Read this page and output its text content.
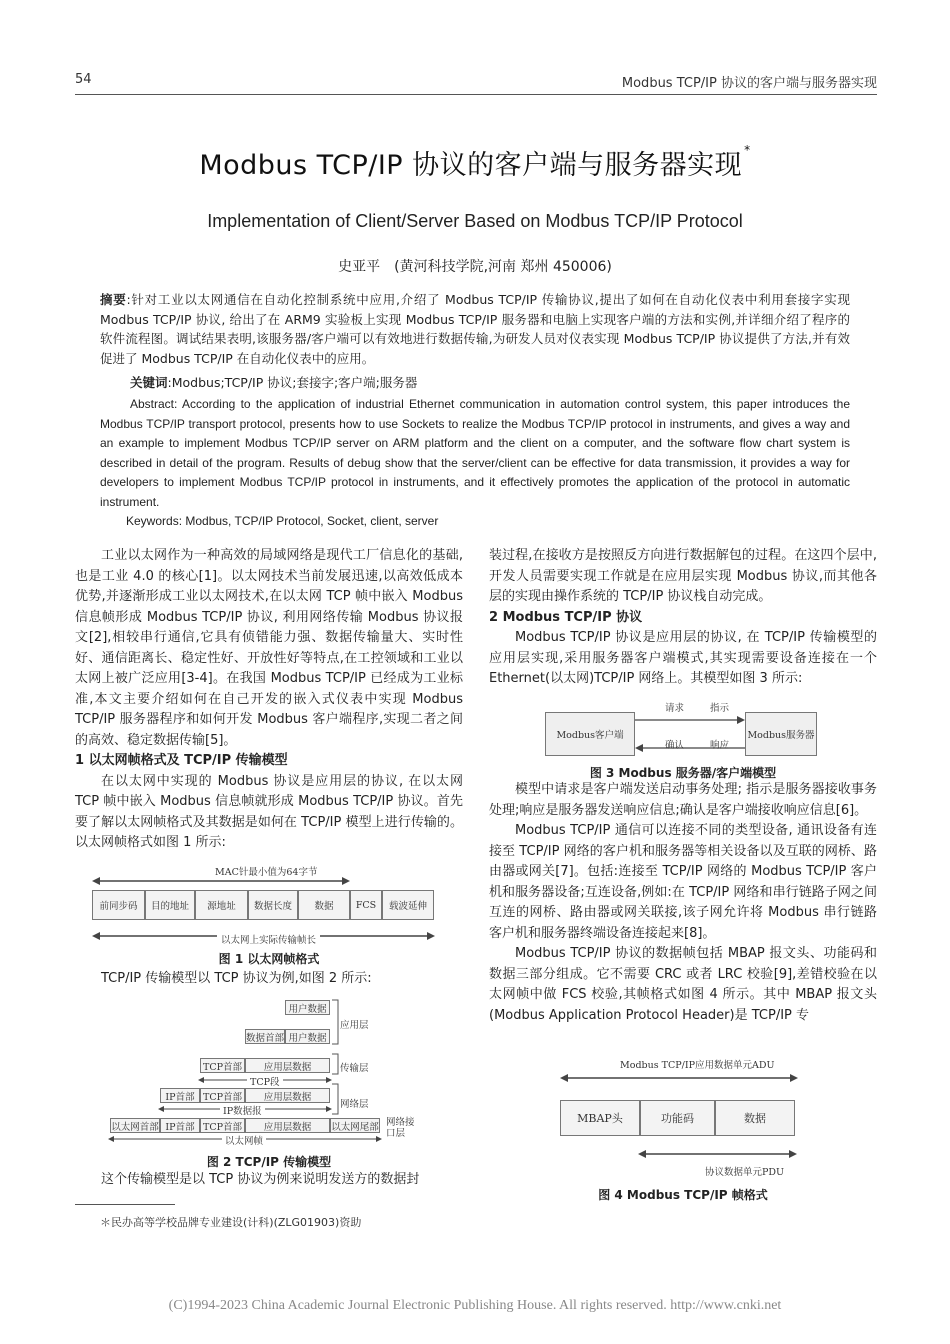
54	Modbus TCP/IP 协议的客户端与服务器实现
Modbus TCP/IP 协议的客户端与服务器实现 *
Implementation of Client/Server Based on Modbus TCP/IP Protocol
史亚平 (黄河科技学院,河南 郑州 450006)
摘要:针对工业以太网通信在自动化控制系统中应用,介绍了 Modbus TCP/IP 传输协议,提出了如何在自动化仪表中利用套接字实现 Modbus TCP/IP 协议, 给出了在 ARM9 实验板上实现 Modbus TCP/IP 服务器和电脑上实现客户端的方法和实例,并详细介绍了程序的软件流程图。调试结果表明,该服务器/客户端可以有效地进行数据传输,为研发人员对仪表实现 Modbus TCP/IP 协议提供了方法,并有效促进了 Modbus TCP/IP 在自动化仪表中的应用。
关键词:Modbus;TCP/IP 协议;套接字;客户端;服务器
Abstract: According to the application of industrial Ethernet communication in automation control system, this paper introduces the Modbus TCP/IP transport protocol, presents how to use Sockets to realize the Modbus TCP/IP protocol in instruments, and gives a way and an example to implement Modbus TCP/IP server on ARM platform and the client on a computer, and the software flow chart system is described in detail of the program. Results of debug show that the server/client can be effective for data transmission, it provides a way for developers to implement Modbus TCP/IP protocol in instruments, and it effectively promotes the application of the protocol in automatic instrument.
Keywords: Modbus, TCP/IP Protocol, Socket, client, server

工业以太网作为一种高效的局域网络是现代工厂信息化的基础,也是工业 4.0 的核心[1]。以太网技术当前发展迅速,以高效低成本优势,并逐渐形成工业以太网技术,在以太网 TCP 帧中嵌入 Modbus 信息帧形成 Modbus TCP/IP 协议, 利用网络传输 Modbus 协议报文[2],相较串行通信,它具有侦错能力强、数据传输量大、实时性好、通信距离长、稳定性好、开放性好等特点,在工控领域和工业以太网上被广泛应用[3-4]。在我国 Modbus TCP/IP 已经成为工业标准,本文主要介绍如何在自己开发的嵌入式仪表中实现 Modbus TCP/IP 服务器程序和如何开发 Modbus 客户端程序,实现二者之间的高效、稳定数据传输[5]。

1 以太网帧格式及 TCP/IP 传输模型

在以太网中实现的 Modbus 协议是应用层的协议, 在以太网 TCP 帧中嵌入 Modbus 信息帧就形成 Modbus TCP/IP 协议。首先要了解以太网帧格式及其数据是如何在 TCP/IP 模型上进行传输的。以太网帧格式如图 1 所示:

MAC针最小值为64字节
前同步码	目的地址	源地址	数据长度	数据	FCS	载波延伸
以太网上实际传输帧长
图 1 以太网帧格式

TCP/IP 传输模型以 TCP 协议为例,如图 2 所示:

用户数据
数据首部 用户数据
应用层
TCP首部	应用层数据	传输层
TCP段
IP首部 TCP首部	应用层数据
网络层
IP数据报
以太网首部 IP首部 TCP首部	应用层数据	以太网尾部 网络接口层
以太网帧
图 2 TCP/IP 传输模型

这个传输模型是以 TCP 协议为例来说明发送方的数据封

装过程,在接收方是按照反方向进行数据解包的过程。在这四个层中,开发人员需要实现工作就是在应用层实现 Modbus 协议,而其他各层的实现由操作系统的 TCP/IP 协议栈自动完成。

2 Modbus TCP/IP 协议

Modbus TCP/IP 协议是应用层的协议, 在 TCP/IP 传输模型的应用层实现,采用服务器客户端模式,其实现需要设备连接在一个 Ethernet(以太网)TCP/IP 网络上。其模型如图 3 所示:

Modbus客户端	Modbus服务器
请求	指示
确认	响应
图 3 Modbus 服务器/客户端模型

模型中请求是客户端发送启动事务处理; 指示是服务器接收事务处理;响应是服务器发送响应信息;确认是客户端接收响应信息[6]。

Modbus TCP/IP 通信可以连接不同的类型设备, 通讯设备有连接至 TCP/IP 网络的客户机和服务器等相关设备以及互联的网桥、路由器或网关[7]。包括:连接至 TCP/IP 网络的 Modbus TCP/IP 客户机和服务器设备;互连设备,例如:在 TCP/IP 网络和串行链路子网之间互连的网桥、路由器或网关联接,该子网允许将 Modbus 串行链路客户机和服务器终端设备连接起来[8]。

Modbus TCP/IP 协议的数据帧包括 MBAP 报文头、功能码和数据三部分组成。它不需要 CRC 或者 LRC 校验[9],差错校验在以太网帧中做 FCS 校验,其帧格式如图 4 所示。其中 MBAP 报文头(Modbus Application Protocol Header)是 TCP/IP 专

Modbus TCP/IP应用数据单元ADU
MBAP头	功能码	数据
协议数据单元PDU
图 4 Modbus TCP/IP 帧格式
＊民办高等学校品牌专业建设(计科)(ZLG01903)资助
(C)1994-2023 China Academic Journal Electronic Publishing House. All rights reserved. http://www.cnki.net
